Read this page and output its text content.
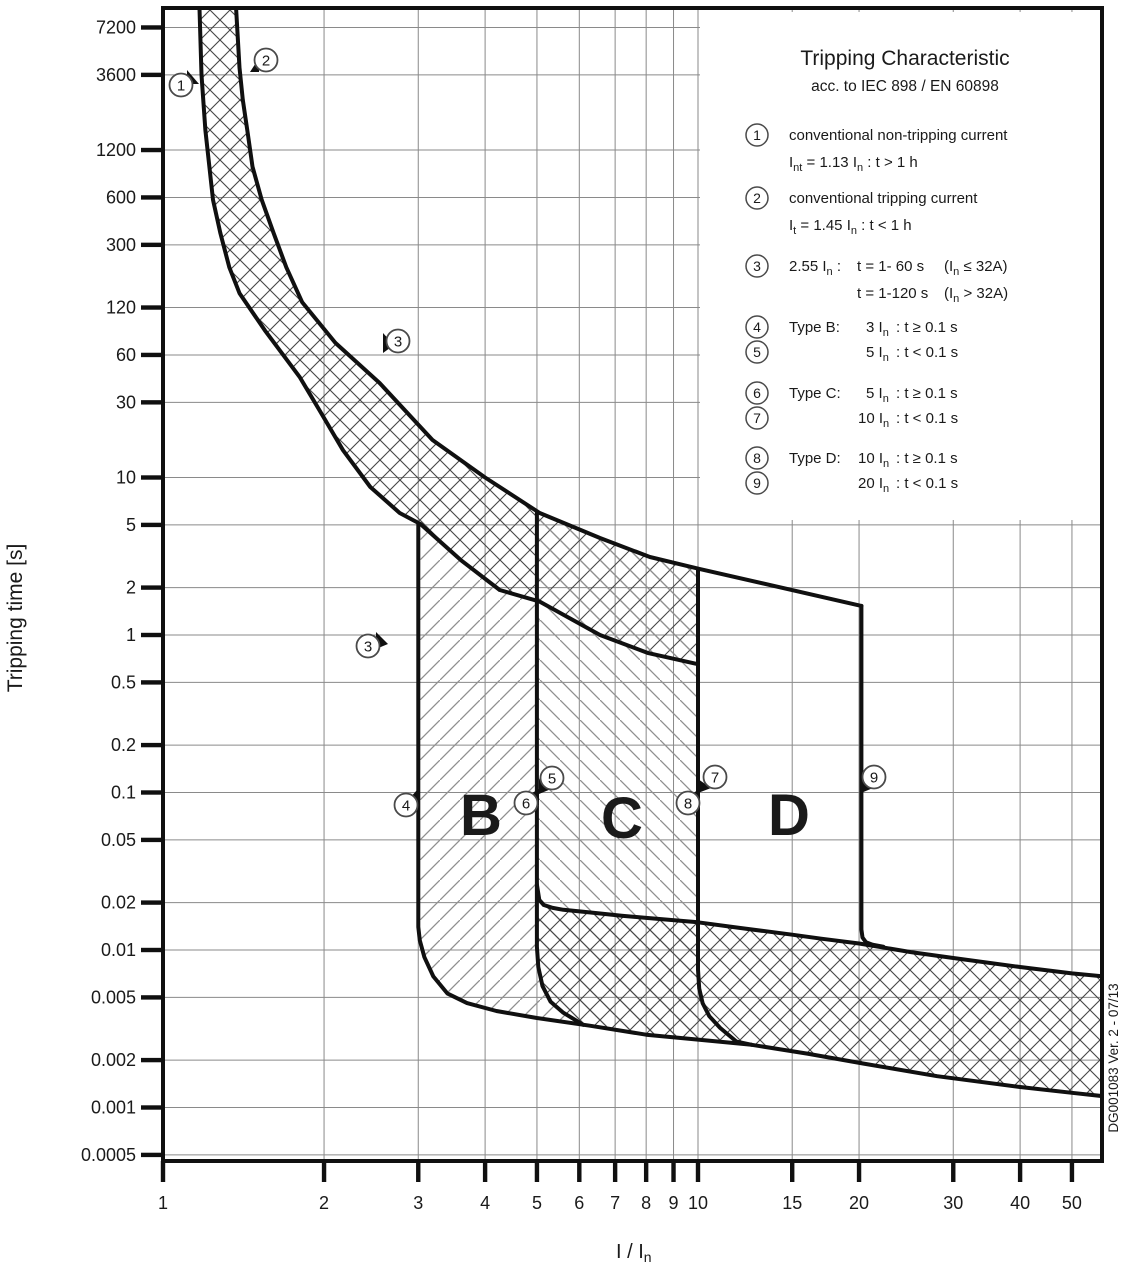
1	2	3	4 5 6 7 8 9 10	15	20	30	40 50
7200
3600
1200
600
300
120
60
30
10
5
2
1
0.5
0.2
0.1
0.05
0.02
0.01
0.005
0.002
0.001
0.0005
Tripping time [s]
I / $I_n$
Tripping Characteristic
acc. to IEC 898 / EN 60898
1 conventional non-tripping current
$I_{nt} = 1.13$ $I_n$ : t > 1 h
2 conventional tripping current
$I_t = 1.45$ $I_n$ : t < 1 h
3 2.55 $I_n$ : t = 1- 60 s $(I_n \le 32A)$
t = 1-120 s $(I_n > 32A)$
4 Type B: 3 $I_n$ : t ≥ 0.1 s
5	5 $I_n$ : t < 0.1 s
6 Type C: 5 $I_n$ : t ≥ 0.1 s
7	10 $I_n$ : t < 0.1 s
8 Type D: 10 $I_n$ : t ≥ 0.1 s
9	20 $I_n$ : t < 0.1 s
1
2
3
3
4
5
6
7
8
9
B C D
DG001083 Ver. 2 - 07/13
